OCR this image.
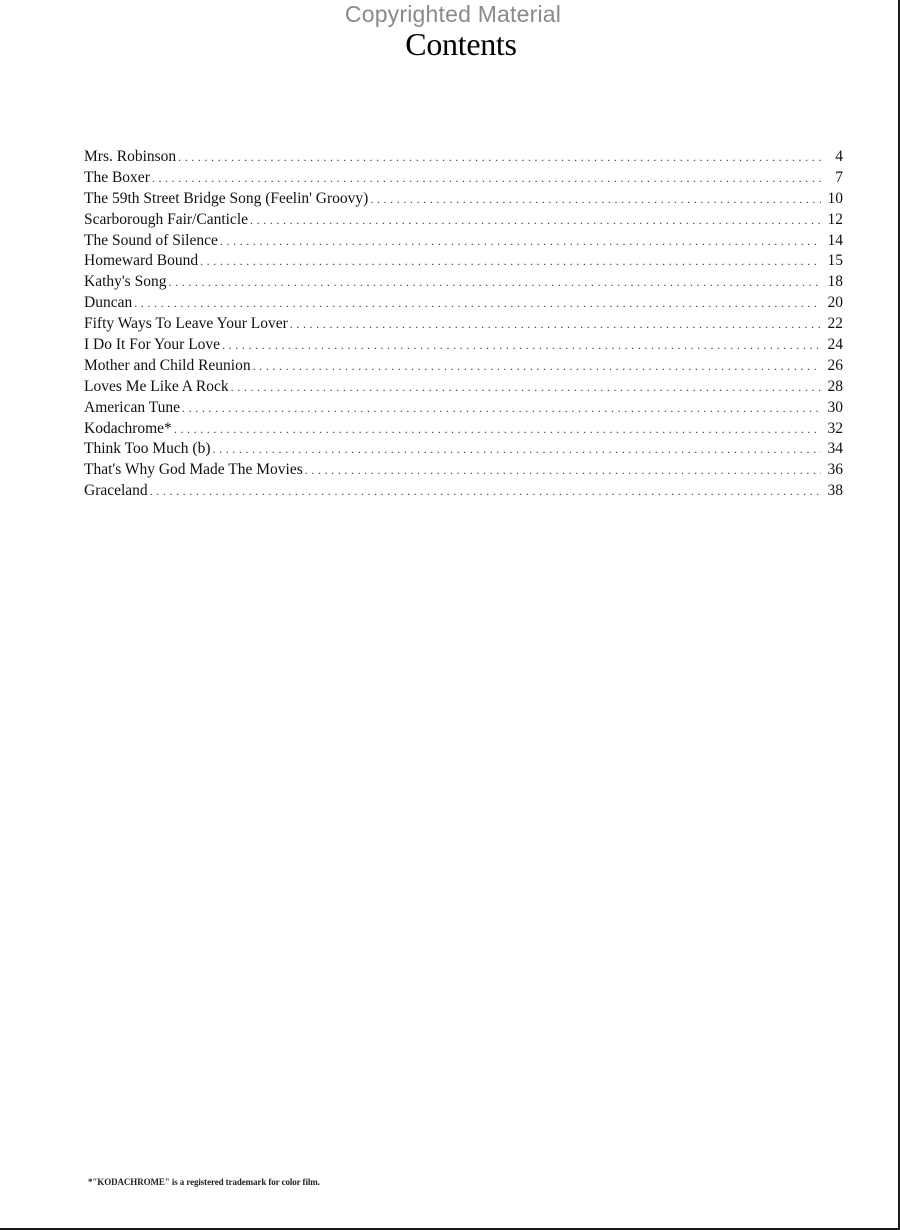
Copyrighted Material
Contents
Mrs. Robinson . . .	4
The Boxer . . .	7
The 59th Street Bridge Song (Feelin' Groovy) . . .	10
Scarborough Fair/Canticle . . .	12
The Sound of Silence . . .	14
Homeward Bound . . .	15
Kathy's Song . . .	18
Duncan . . .	20
Fifty Ways To Leave Your Lover . . .	22
I Do It For Your Love . . .	24
Mother and Child Reunion . . .	26
Loves Me Like A Rock . . .	28
American Tune . . .	30
Kodachrome* . . .	32
Think Too Much (b) . . .	34
That's Why God Made The Movies . . .	36
Graceland . . .	38
*"KODACHROME" is a registered trademark for color film.
